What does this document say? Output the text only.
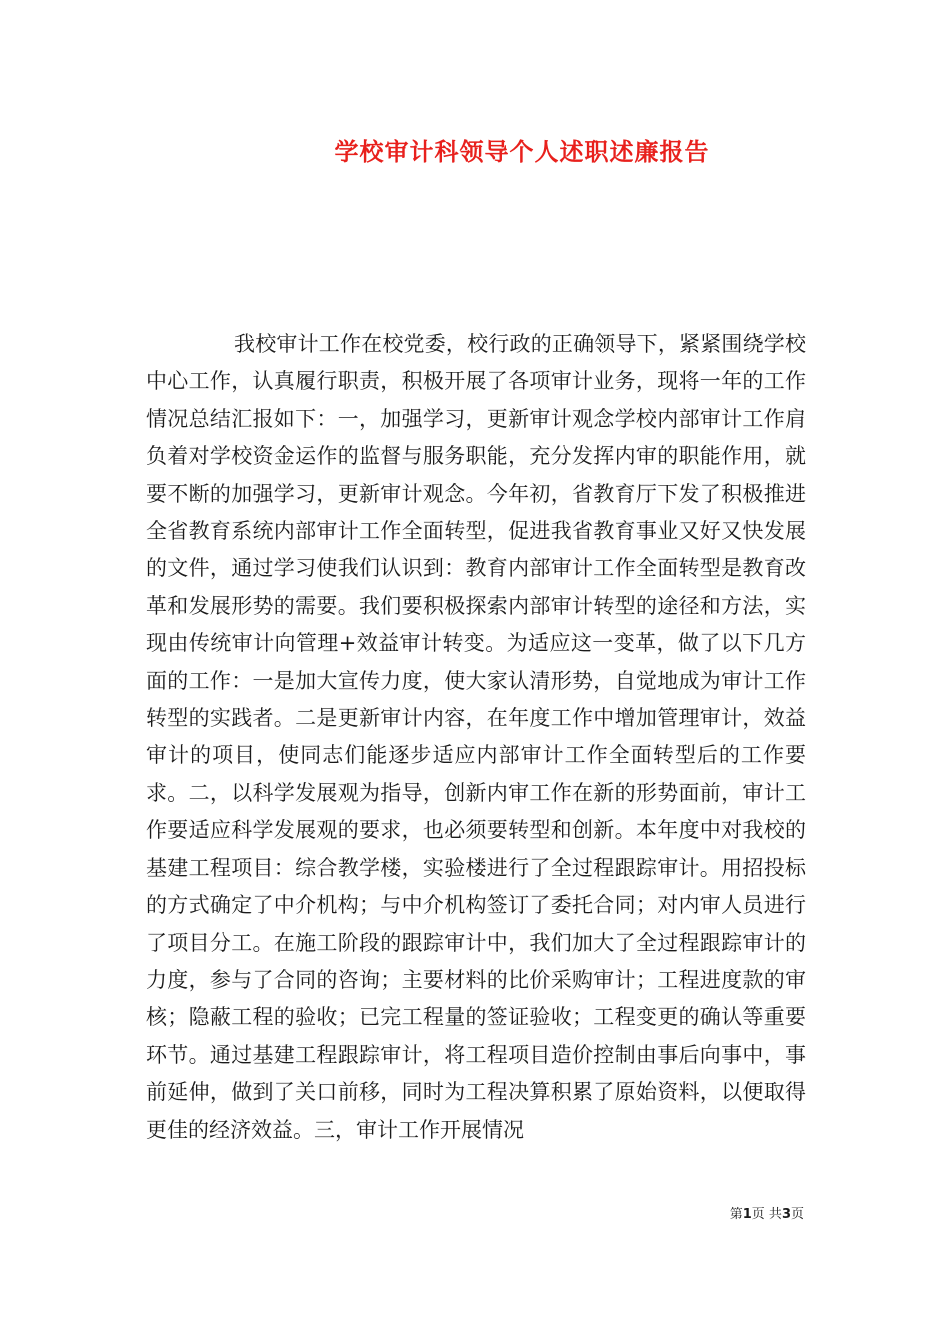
学校审计科领导个人述职述廉报告

我校审计工作在校党委，校行政的正确领导下，紧紧围绕学校中心工作，认真履行职责，积极开展了各项审计业务，现将一年的工作情况总结汇报如下：一，加强学习，更新审计观念学校内部审计工作肩负着对学校资金运作的监督与服务职能，充分发挥内审的职能作用，就要不断的加强学习，更新审计观念。今年初，省教育厅下发了积极推进全省教育系统内部审计工作全面转型，促进我省教育事业又好又快发展的文件，通过学习使我们认识到：教育内部审计工作全面转型是教育改革和发展形势的需要。我们要积极探索内部审计转型的途径和方法，实现由传统审计向管理+效益审计转变。为适应这一变革，做了以下几方面的工作：一是加大宣传力度，使大家认清形势，自觉地成为审计工作转型的实践者。二是更新审计内容，在年度工作中增加管理审计，效益审计的项目，使同志们能逐步适应内部审计工作全面转型后的工作要求。二，以科学发展观为指导，创新内审工作在新的形势面前，审计工作要适应科学发展观的要求，也必须要转型和创新。本年度中对我校的基建工程项目：综合教学楼，实验楼进行了全过程跟踪审计。用招投标的方式确定了中介机构；与中介机构签订了委托合同；对内审人员进行了项目分工。在施工阶段的跟踪审计中，我们加大了全过程跟踪审计的力度，参与了合同的咨询；主要材料的比价采购审计；工程进度款的审核；隐蔽工程的验收；已完工程量的签证验收；工程变更的确认等重要环节。通过基建工程跟踪审计，将工程项目造价控制由事后向事中，事前延伸，做到了关口前移，同时为工程决算积累了原始资料，以便取得更佳的经济效益。三，审计工作开展情况

第1页 共3页
